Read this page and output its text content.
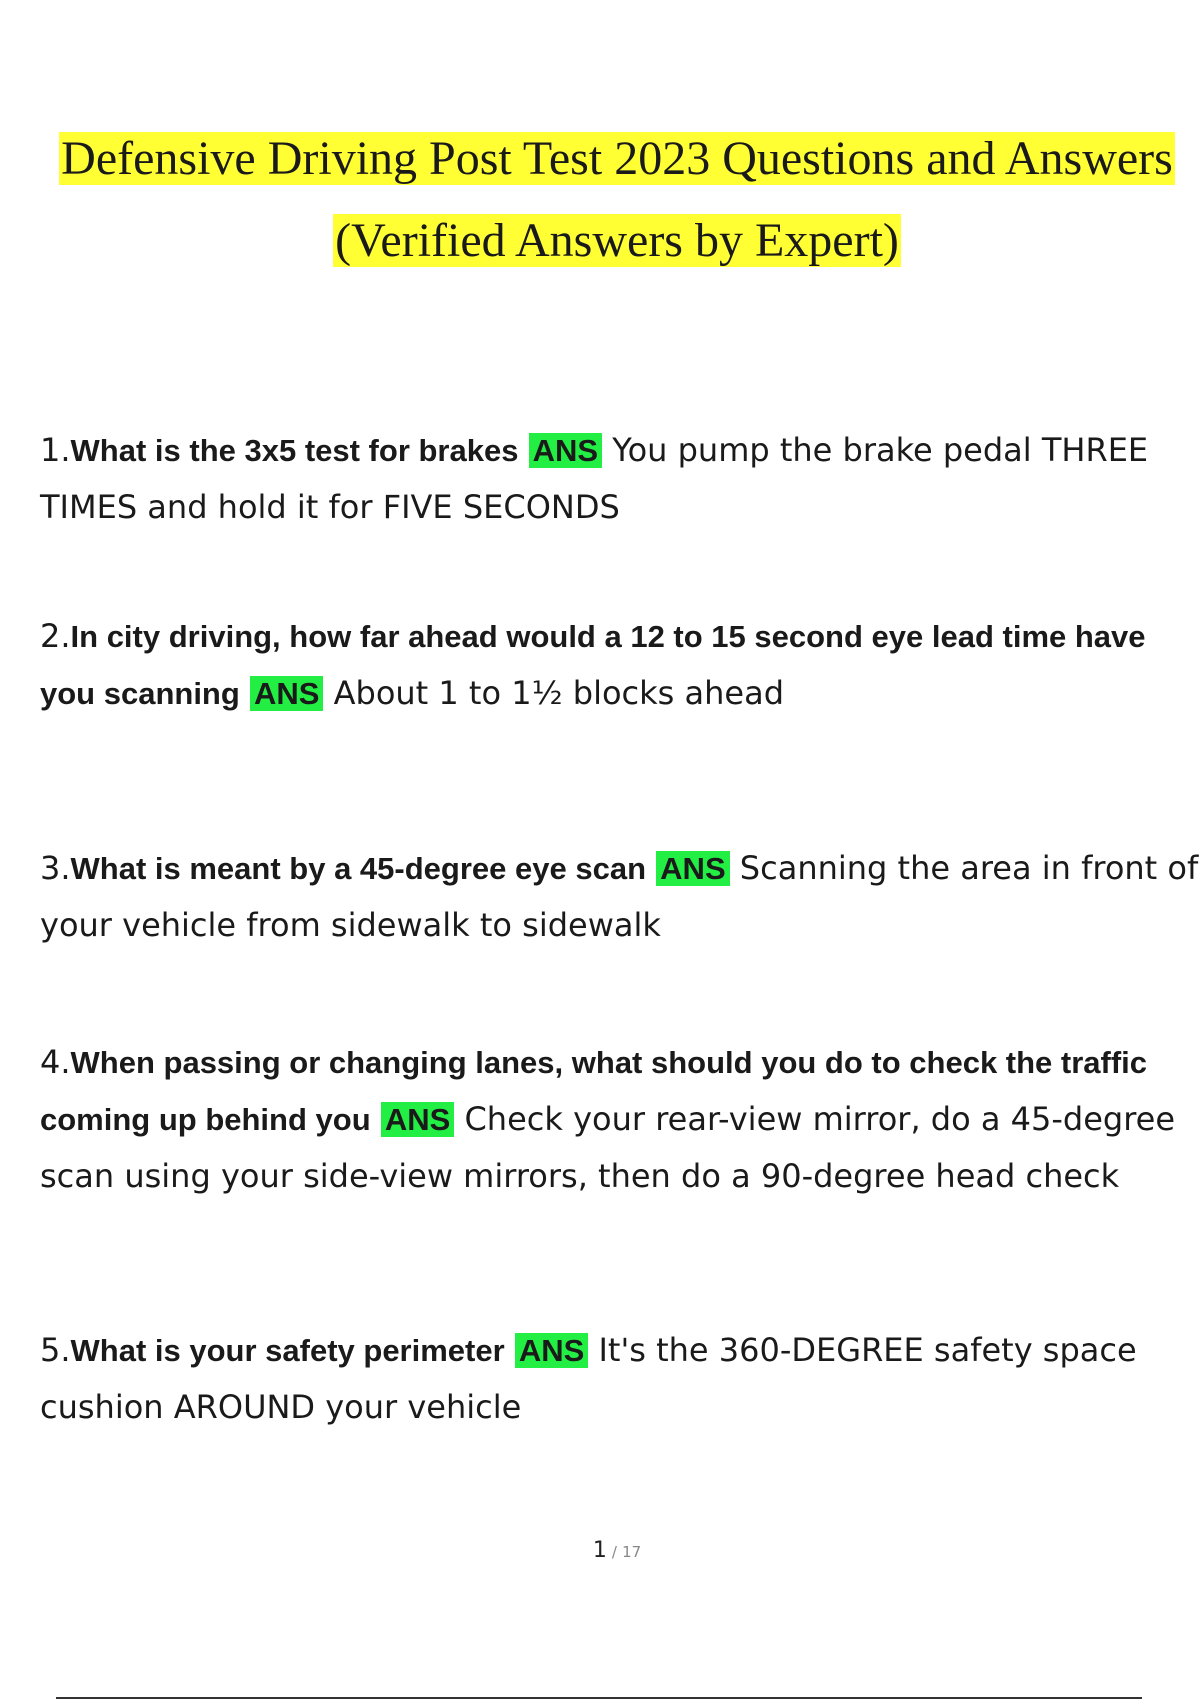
Defensive Driving Post Test 2023 Questions and Answers
(Verified Answers by Expert)
1.What is the 3x5 test for brakes ANS You pump the brake pedal THREE TIMES and hold it for FIVE SECONDS
2.In city driving, how far ahead would a 12 to 15 second eye lead time have you scanning ANS About 1 to 1½ blocks ahead
3.What is meant by a 45-degree eye scan ANS Scanning the area in front of your vehicle from sidewalk to sidewalk
4.When passing or changing lanes, what should you do to check the traffic coming up behind you ANS Check your rear-view mirror, do a 45-degree scan using your side-view mirrors, then do a 90-degree head check
5.What is your safety perimeter ANS It's the 360-DEGREE safety space cushion AROUND your vehicle
1 / 17
